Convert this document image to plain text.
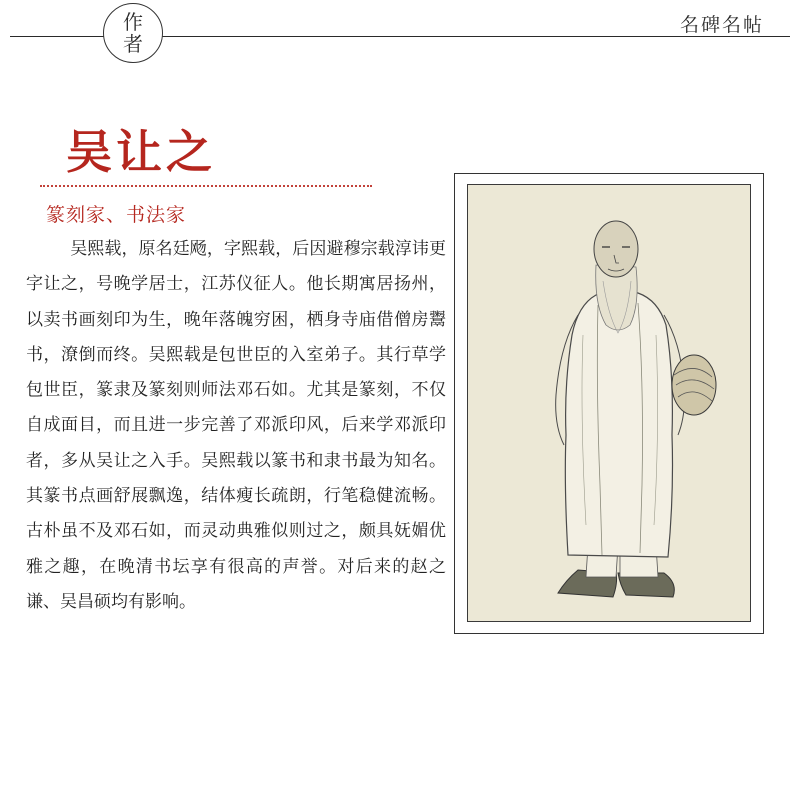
作
者
名碑名帖
吴让之
篆刻家、书法家

吴熙载，原名廷飏，字熙载，后因避穆宗载淳讳更字让之，号晚学居士，江苏仪征人。他长期寓居扬州，以卖书画刻印为生，晚年落魄穷困，栖身寺庙借僧房鬻书，潦倒而终。吴熙载是包世臣的入室弟子。其行草学包世臣，篆隶及篆刻则师法邓石如。尤其是篆刻，不仅自成面目，而且进一步完善了邓派印风，后来学邓派印者，多从吴让之入手。吴熙载以篆书和隶书最为知名。其篆书点画舒展飘逸，结体瘦长疏朗，行笔稳健流畅。古朴虽不及邓石如，而灵动典雅似则过之，颇具妩媚优雅之趣，在晚清书坛享有很高的声誉。对后来的赵之谦、吴昌硕均有影响。
